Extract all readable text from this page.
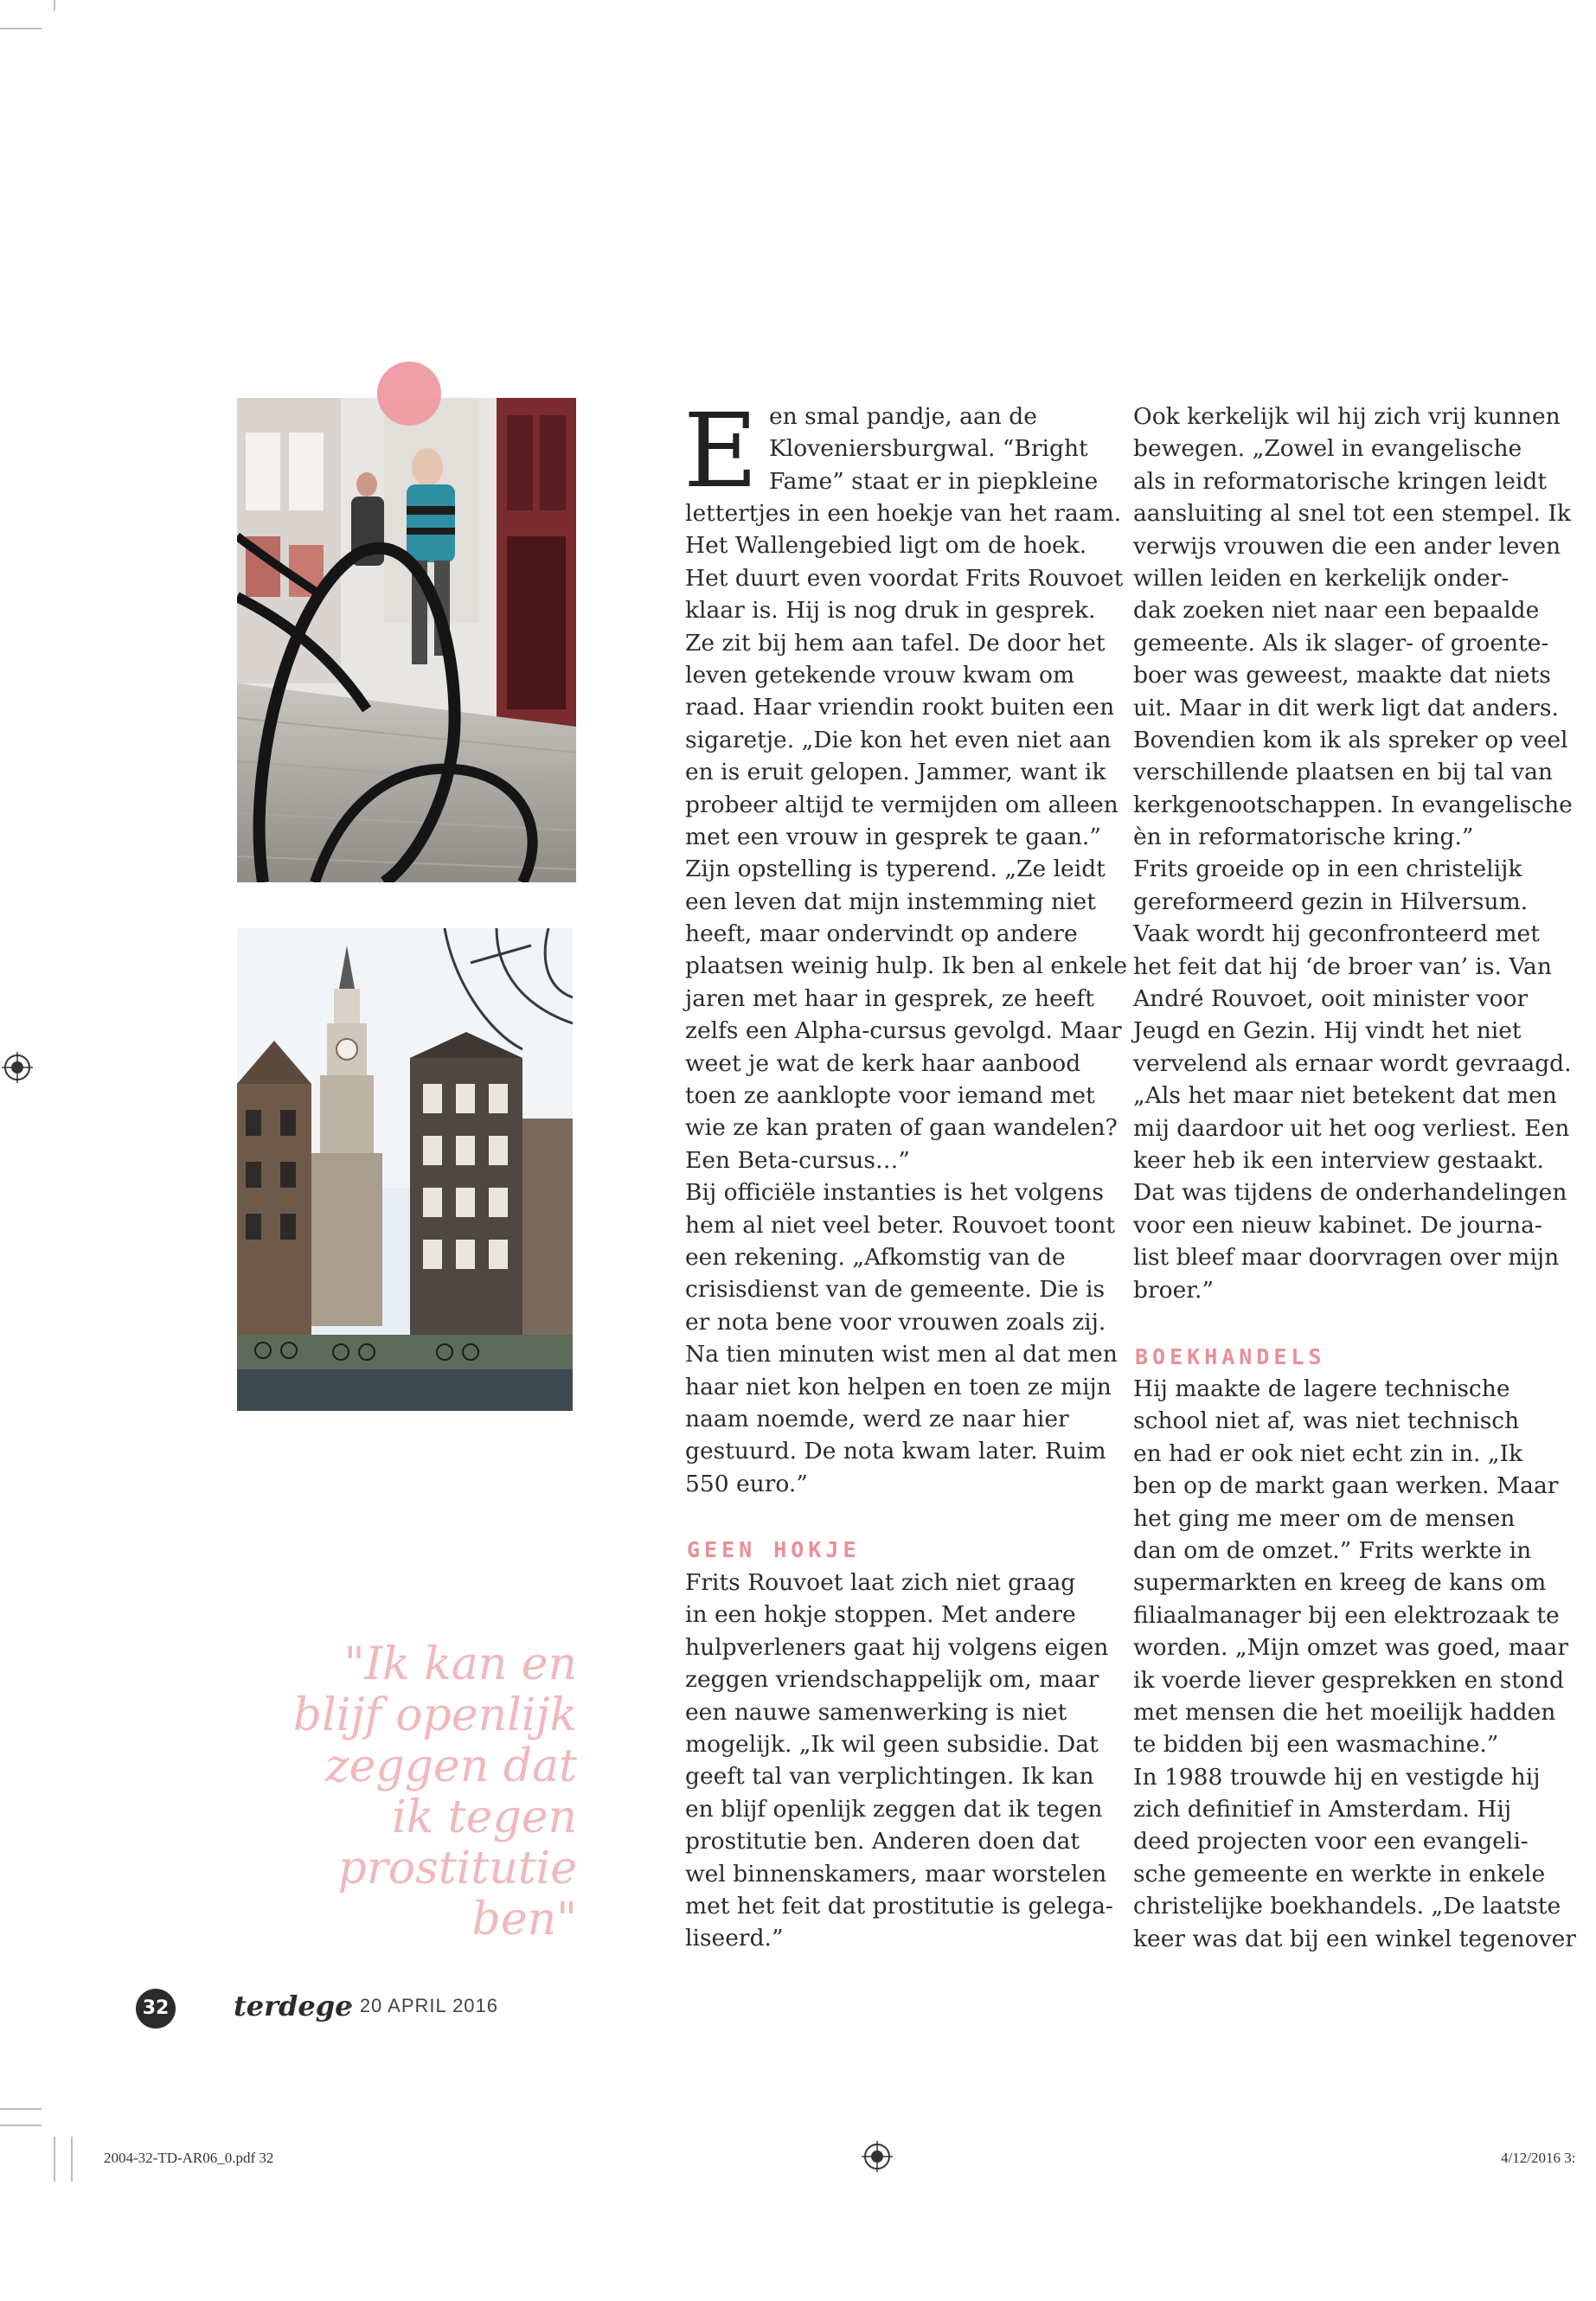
"Ik kan en
blijf openlijk
zeggen dat
ik tegen
prostitutie
ben"
E en smal pandje, aan de
Kloveniersburgwal. “Bright
Fame” staat er in piepkleine
lettertjes in een hoekje van het raam.
Het Wallengebied ligt om de hoek.
Het duurt even voordat Frits Rouvoet
klaar is. Hij is nog druk in gesprek.
Ze zit bij hem aan tafel. De door het
leven getekende vrouw kwam om
raad. Haar vriendin rookt buiten een
sigaretje. „Die kon het even niet aan
en is eruit gelopen. Jammer, want ik
probeer altijd te vermijden om alleen
met een vrouw in gesprek te gaan.”
Zijn opstelling is typerend. „Ze leidt
een leven dat mijn instemming niet
heeft, maar ondervindt op andere
plaatsen weinig hulp. Ik ben al enkele
jaren met haar in gesprek, ze heeft
zelfs een Alpha-cursus gevolgd. Maar
weet je wat de kerk haar aanbood
toen ze aanklopte voor iemand met
wie ze kan praten of gaan wandelen?
Een Beta-cursus…”
Bij officiële instanties is het volgens
hem al niet veel beter. Rouvoet toont
een rekening. „Afkomstig van de
crisisdienst van de gemeente. Die is
er nota bene voor vrouwen zoals zij.
Na tien minuten wist men al dat men
haar niet kon helpen en toen ze mijn
naam noemde, werd ze naar hier
gestuurd. De nota kwam later. Ruim
550 euro.”
GEEN HOKJE
Frits Rouvoet laat zich niet graag
in een hokje stoppen. Met andere
hulpverleners gaat hij volgens eigen
zeggen vriendschappelijk om, maar
een nauwe samenwerking is niet
mogelijk. „Ik wil geen subsidie. Dat
geeft tal van verplichtingen. Ik kan
en blijf openlijk zeggen dat ik tegen
prostitutie ben. Anderen doen dat
wel binnenskamers, maar worstelen
met het feit dat prostitutie is gelega-
liseerd.”
Ook kerkelijk wil hij zich vrij kunnen
bewegen. „Zowel in evangelische
als in reformatorische kringen leidt
aansluiting al snel tot een stempel. Ik
verwijs vrouwen die een ander leven
willen leiden en kerkelijk onder-
dak zoeken niet naar een bepaalde
gemeente. Als ik slager- of groente-
boer was geweest, maakte dat niets
uit. Maar in dit werk ligt dat anders.
Bovendien kom ik als spreker op veel
verschillende plaatsen en bij tal van
kerkgenootschappen. In evangelische
èn in reformatorische kring.”
Frits groeide op in een christelijk
gereformeerd gezin in Hilversum.
Vaak wordt hij geconfronteerd met
het feit dat hij ‘de broer van’ is. Van
André Rouvoet, ooit minister voor
Jeugd en Gezin. Hij vindt het niet
vervelend als ernaar wordt gevraagd.
„Als het maar niet betekent dat men
mij daardoor uit het oog verliest. Een
keer heb ik een interview gestaakt.
Dat was tijdens de onderhandelingen
voor een nieuw kabinet. De journa-
list bleef maar doorvragen over mijn
broer.”
BOEKHANDELS
Hij maakte de lagere technische
school niet af, was niet technisch
en had er ook niet echt zin in. „Ik
ben op de markt gaan werken. Maar
het ging me meer om de mensen
dan om de omzet.” Frits werkte in
supermarkten en kreeg de kans om
filiaalmanager bij een elektrozaak te
worden. „Mijn omzet was goed, maar
ik voerde liever gesprekken en stond
met mensen die het moeilijk hadden
te bidden bij een wasmachine.”
In 1988 trouwde hij en vestigde hij
zich definitief in Amsterdam. Hij
deed projecten voor een evangeli-
sche gemeente en werkte in enkele
christelijke boekhandels. „De laatste
keer was dat bij een winkel tegenover
32 terdege
• 20 APRIL 2016
2004-32-TD-AR06_0.pdf 32	4/12/2016 3:
